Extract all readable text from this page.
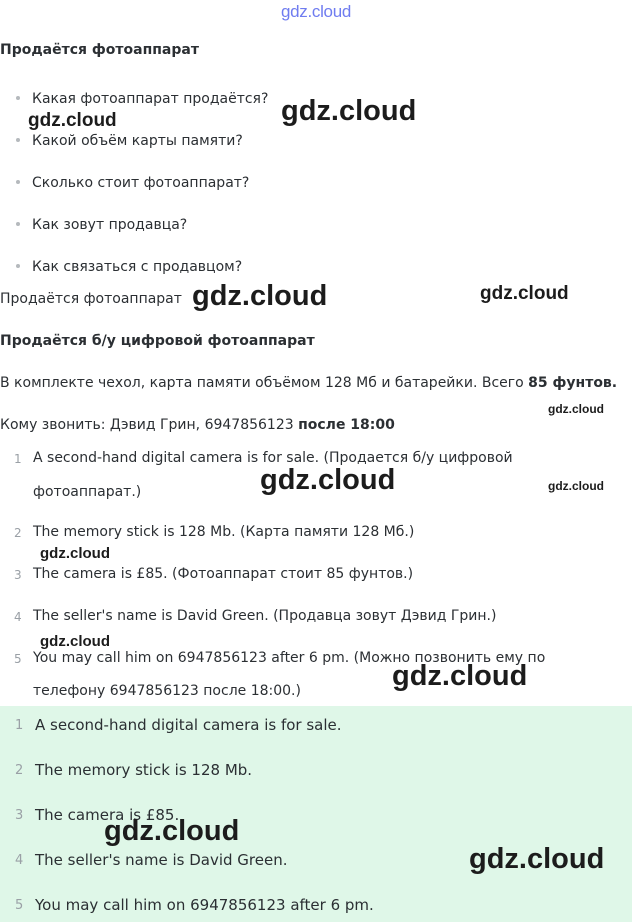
gdz.cloud
Продаётся фотоаппарат
Какая фотоаппарат продаётся?
Какой объём карты памяти?
Сколько стоит фотоаппарат?
Как зовут продавца?
Как связаться с продавцом?
Продаётся фотоаппарат
Продаётся б/у цифровой фотоаппарат
В комплекте чехол, карта памяти объёмом 128 Мб и батарейки. Всего 85 фунтов.
Кому звонить: Дэвид Грин, 6947856123 после 18:00
1 A second-hand digital camera is for sale. (Продается б/у цифровой
фотоаппарат.)
2 The memory stick is 128 Mb. (Карта памяти 128 Мб.)
3 The camera is £85. (Фотоаппарат стоит 85 фунтов.)
4 The seller's name is David Green. (Продавца зовут Дэвид Грин.)
5 You may call him on 6947856123 after 6 pm. (Можно позвонить ему по
телефону 6947856123 после 18:00.)
1 A second-hand digital camera is for sale.
2 The memory stick is 128 Mb.
3 The camera is £85.
4 The seller's name is David Green.
5 You may call him on 6947856123 after 6 pm.
gdz.cloud
gdz.cloud
gdz.cloud	gdz.cloud
gdz.cloud
gdz.cloud	gdz.cloud
gdz.cloud
gdz.cloud
gdz.cloud
gdz.cloud
gdz.cloud
